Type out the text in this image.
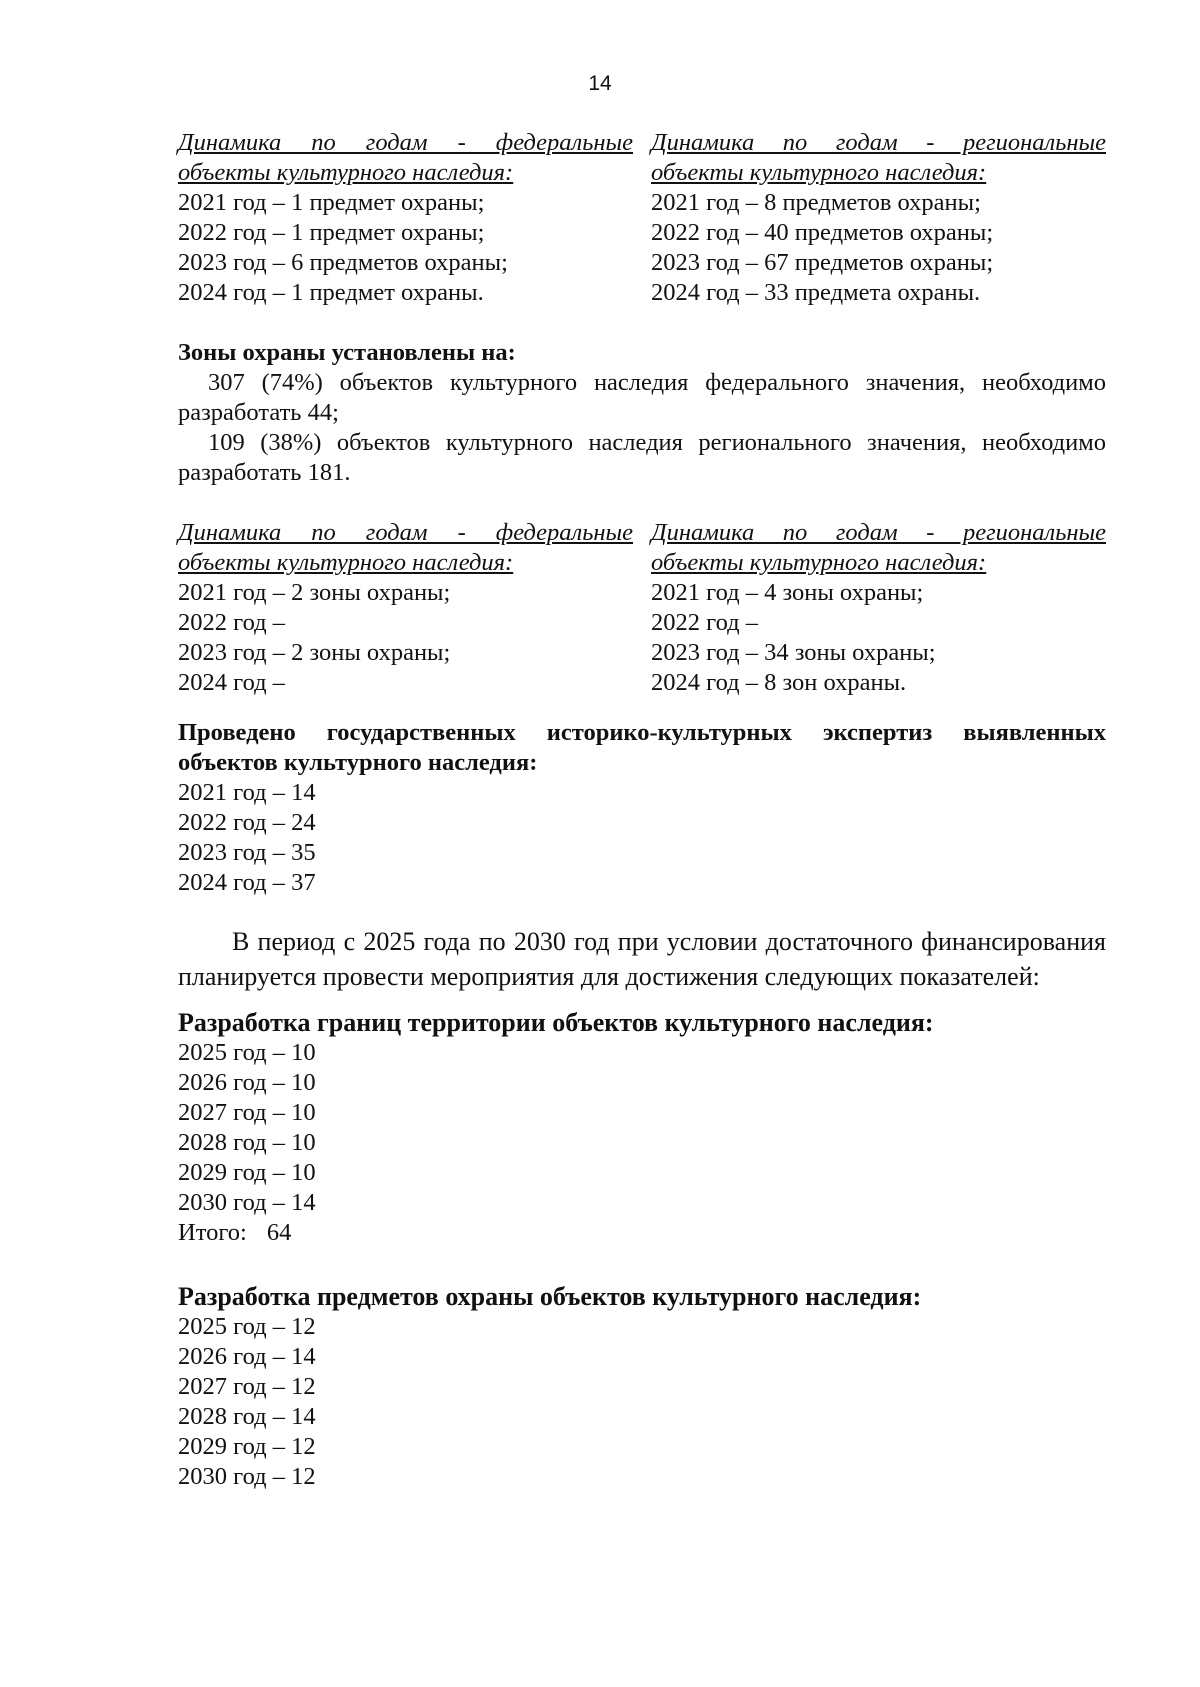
14
Динамика по годам - федеральные объекты культурного наследия:
2021 год – 1 предмет охраны;
2022 год – 1 предмет охраны;
2023 год – 6 предметов охраны;
2024 год – 1 предмет охраны.
Динамика по годам - региональные объекты культурного наследия:
2021 год – 8 предметов охраны;
2022 год – 40 предметов охраны;
2023 год – 67 предметов охраны;
2024 год – 33 предмета охраны.
Зоны охраны установлены на:
307 (74%) объектов культурного наследия федерального значения, необходимо разработать 44;
109 (38%) объектов культурного наследия регионального значения, необходимо разработать 181.
Динамика по годам - федеральные объекты культурного наследия:
2021 год – 2 зоны охраны;
2022 год –
2023 год – 2 зоны охраны;
2024 год –
Динамика по годам - региональные объекты культурного наследия:
2021 год – 4 зоны охраны;
2022 год –
2023 год – 34 зоны охраны;
2024 год – 8 зон охраны.
Проведено государственных историко-культурных экспертиз выявленных объектов культурного наследия:
2021 год – 14
2022 год – 24
2023 год – 35
2024 год – 37
В период с 2025 года по 2030 год при условии достаточного финансирования планируется провести мероприятия для достижения следующих показателей:
Разработка границ территории объектов культурного наследия:
2025 год – 10
2026 год – 10
2027 год – 10
2028 год – 10
2029 год – 10
2030 год – 14
Итого: 64
Разработка предметов охраны объектов культурного наследия:
2025 год – 12
2026 год – 14
2027 год – 12
2028 год – 14
2029 год – 12
2030 год – 12
